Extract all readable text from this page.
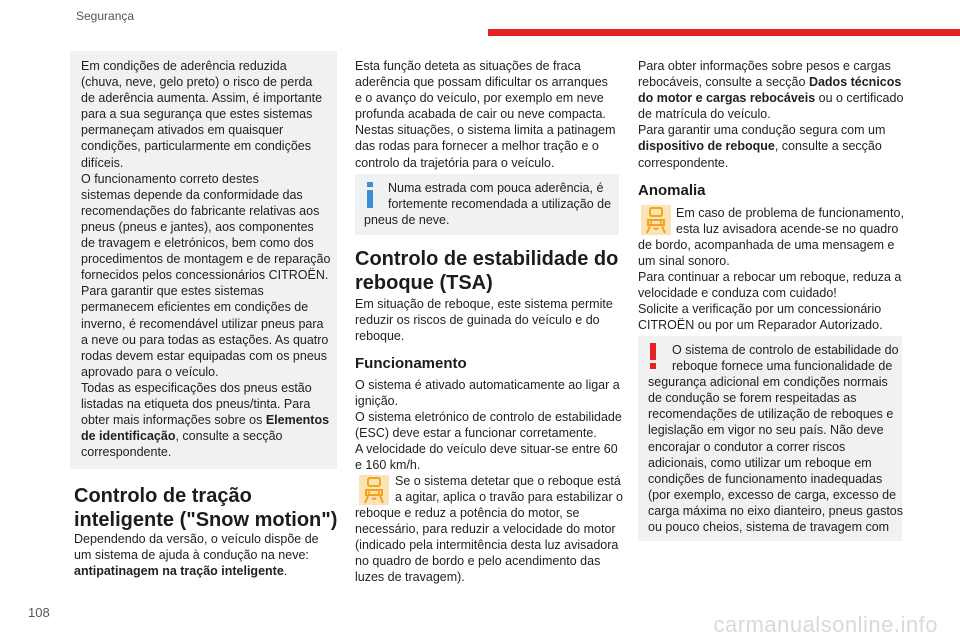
Segurança
Em condições de aderência reduzida
(chuva, neve, gelo preto) o risco de perda
de aderência aumenta. Assim, é importante
para a sua segurança que estes sistemas
permaneçam ativados em quaisquer
condições, particularmente em condições
difíceis.
O funcionamento correto destes
sistemas depende da conformidade das
recomendações do fabricante relativas aos
pneus (pneus e jantes), aos componentes
de travagem e eletrónicos, bem como dos
procedimentos de montagem e de reparação
fornecidos pelos concessionários CITROËN.
Para garantir que estes sistemas
permanecem eficientes em condições de
inverno, é recomendável utilizar pneus para
a neve ou para todas as estações. As quatro
rodas devem estar equipadas com os pneus
aprovado para o veículo.
Todas as especificações dos pneus estão
listadas na etiqueta dos pneus/tinta. Para
obter mais informações sobre os Elementos
de identificação, consulte a secção
correspondente.
Controlo de tração
inteligente ("Snow motion")
Dependendo da versão, o veículo dispõe de
um sistema de ajuda à condução na neve:
antipatinagem na tração inteligente.
Esta função deteta as situações de fraca
aderência que possam dificultar os arranques
e o avanço do veículo, por exemplo em neve
profunda acabada de cair ou neve compacta.
Nestas situações, o sistema limita a patinagem
das rodas para fornecer a melhor tração e o
controlo da trajetória para o veículo.
Numa estrada com pouca aderência, é
fortemente recomendada a utilização de
pneus de neve.
Controlo de estabilidade do
reboque (TSA)
Em situação de reboque, este sistema permite
reduzir os riscos de guinada do veículo e do
reboque.
Funcionamento
O sistema é ativado automaticamente ao ligar a
ignição.
O sistema eletrónico de controlo de estabilidade
(ESC) deve estar a funcionar corretamente.
A velocidade do veículo deve situar-se entre 60
e 160 km/h.
Se o sistema detetar que o reboque está
a agitar, aplica o travão para estabilizar o
reboque e reduz a potência do motor, se
necessário, para reduzir a velocidade do motor
(indicado pela intermitência desta luz avisadora
no quadro de bordo e pelo acendimento das
luzes de travagem).
Para obter informações sobre pesos e cargas
rebocáveis, consulte a secção Dados técnicos
do motor e cargas rebocáveis ou o certificado
de matrícula do veículo.
Para garantir uma condução segura com um
dispositivo de reboque, consulte a secção
correspondente.
Anomalia
Em caso de problema de funcionamento,
esta luz avisadora acende-se no quadro
de bordo, acompanhada de uma mensagem e
um sinal sonoro.
Para continuar a rebocar um reboque, reduza a
velocidade e conduza com cuidado!
Solicite a verificação por um concessionário
CITROËN ou por um Reparador Autorizado.
O sistema de controlo de estabilidade do
reboque fornece uma funcionalidade de
segurança adicional em condições normais
de condução se forem respeitadas as
recomendações de utilização de reboques e
legislação em vigor no seu país. Não deve
encorajar o condutor a correr riscos
adicionais, como utilizar um reboque em
condições de funcionamento inadequadas
(por exemplo, excesso de carga, excesso de
carga máxima no eixo dianteiro, pneus gastos
ou pouco cheios, sistema de travagem com
108	carmanualsonline.info
